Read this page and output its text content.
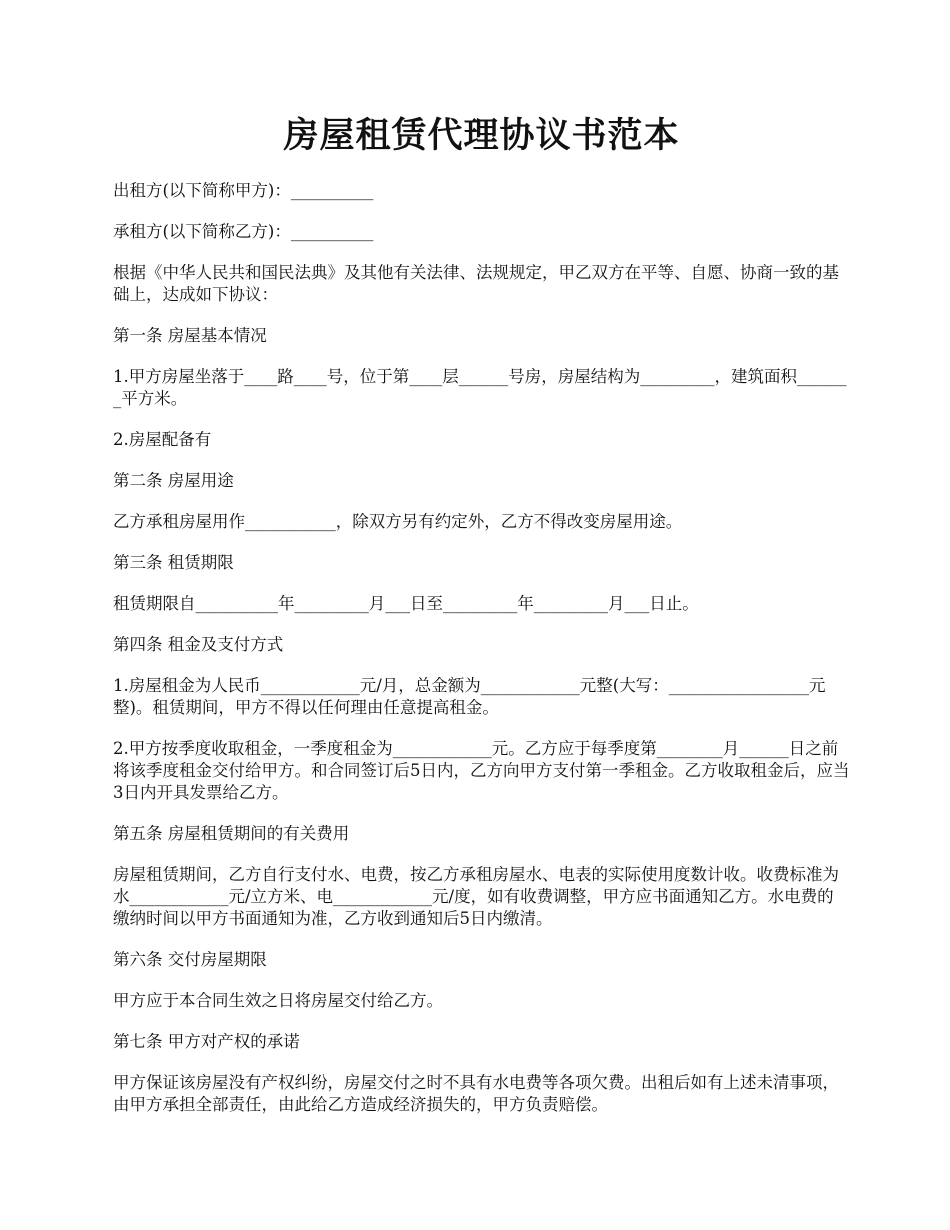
房屋租赁代理协议书范本

出租方(以下简称甲方)：__________

承租方(以下简称乙方)：__________

根据《中华人民共和国民法典》及其他有关法律、法规规定，甲乙双方在平等、自愿、协商一致的基础上，达成如下协议：

第一条 房屋基本情况

1.甲方房屋坐落于____路____号，位于第____层______号房，房屋结构为_________，建筑面积_______平方米。

2.房屋配备有

第二条 房屋用途

乙方承租房屋用作___________，除双方另有约定外，乙方不得改变房屋用途。

第三条 租赁期限

租赁期限自__________年_________月___日至_________年_________月___日止。

第四条 租金及支付方式

1.房屋租金为人民币____________元/月，总金额为____________元整(大写：_________________元整)。租赁期间，甲方不得以任何理由任意提高租金。

2.甲方按季度收取租金，一季度租金为____________元。乙方应于每季度第________月______日之前将该季度租金交付给甲方。和合同签订后5日内，乙方向甲方支付第一季租金。乙方收取租金后，应当3日内开具发票给乙方。

第五条 房屋租赁期间的有关费用

房屋租赁期间，乙方自行支付水、电费，按乙方承租房屋水、电表的实际使用度数计收。收费标准为水____________元/立方米、电____________元/度，如有收费调整，甲方应书面通知乙方。水电费的缴纳时间以甲方书面通知为准，乙方收到通知后5日内缴清。

第六条 交付房屋期限

甲方应于本合同生效之日将房屋交付给乙方。

第七条 甲方对产权的承诺

甲方保证该房屋没有产权纠纷，房屋交付之时不具有水电费等各项欠费。出租后如有上述未清事项，由甲方承担全部责任，由此给乙方造成经济损失的，甲方负责赔偿。
